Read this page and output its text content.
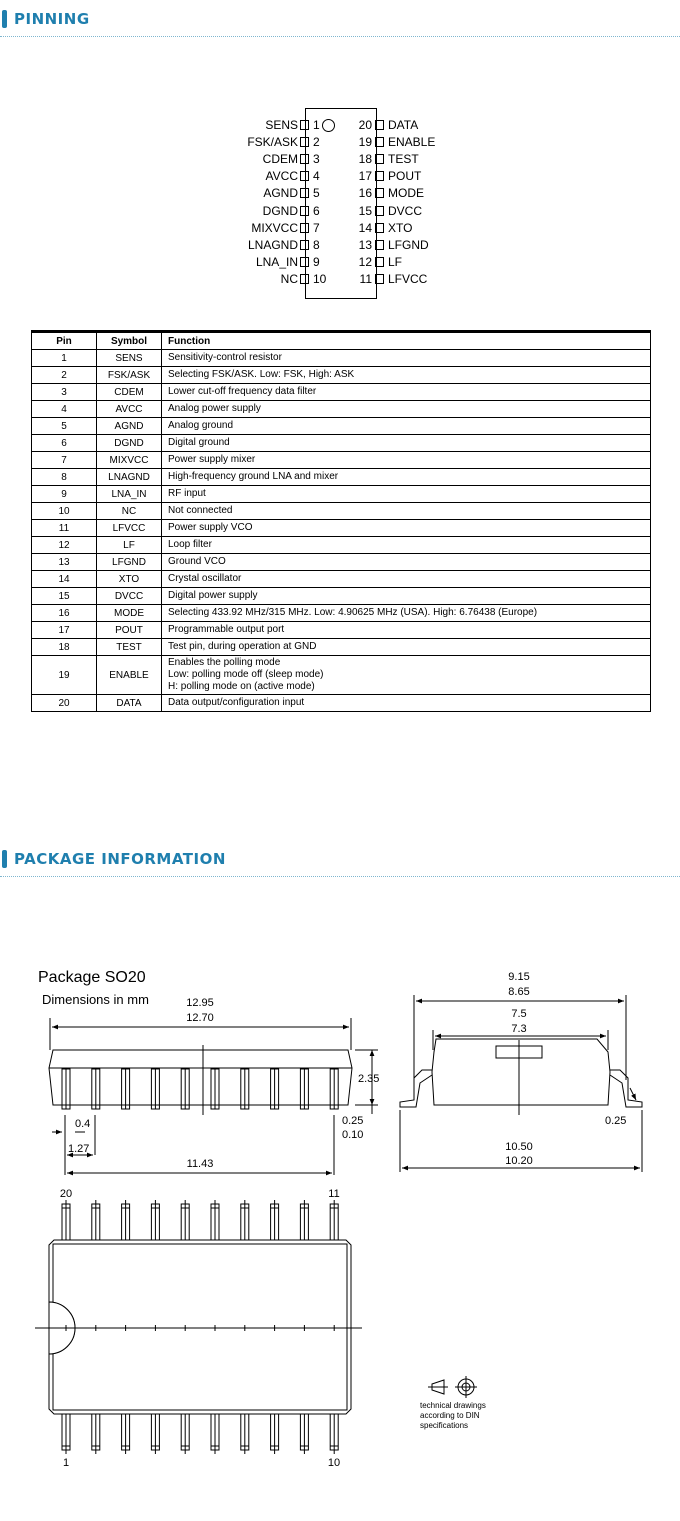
PINNING
SENS 1
FSK/ASK 2
CDEM 3
AVCC 4
AGND 5
DGND 6
MIXVCC 7
LNAGND 8
LNA_IN 9
NC 10
20 DATA
19 ENABLE
18 TEST
17 POUT
16 MODE
15 DVCC
14 XTO
13 LFGND
12 LF
11 LFVCC
Pin	Symbol	Function
1	SENS	Sensitivity-control resistor

2	FSK/ASK	Selecting FSK/ASK. Low: FSK, High: ASK

3	CDEM	Lower cut-off frequency data filter

4	AVCC	Analog power supply

5	AGND	Analog ground

6	DGND	Digital ground

7	MIXVCC	Power supply mixer

8	LNAGND	High-frequency ground LNA and mixer

9	LNA_IN	RF input

10	NC	Not connected

11	LFVCC	Power supply VCO

12	LF	Loop filter

13	LFGND	Ground VCO

14	XTO	Crystal oscillator

15	DVCC	Digital power supply

16	MODE	Selecting 433.92 MHz/315 MHz. Low: 4.90625 MHz (USA). High: 6.76438 (Europe)

17	POUT	Programmable output port

18	TEST	Test pin, during operation at GND

19	ENABLE	Enables the polling mode
Low: polling mode off (sleep mode)
H: polling mode on (active mode)

20	DATA	Data output/configuration input
PACKAGE INFORMATION
Package SO20
Dimensions in mm	12.95
12.70
2.35
0.4
1.27
11.43
0.25
0.10
9.15
8.65
7.5
7.3
0.25
10.50
10.20
20	11
1	10
technical drawings
according to DIN
specifications
